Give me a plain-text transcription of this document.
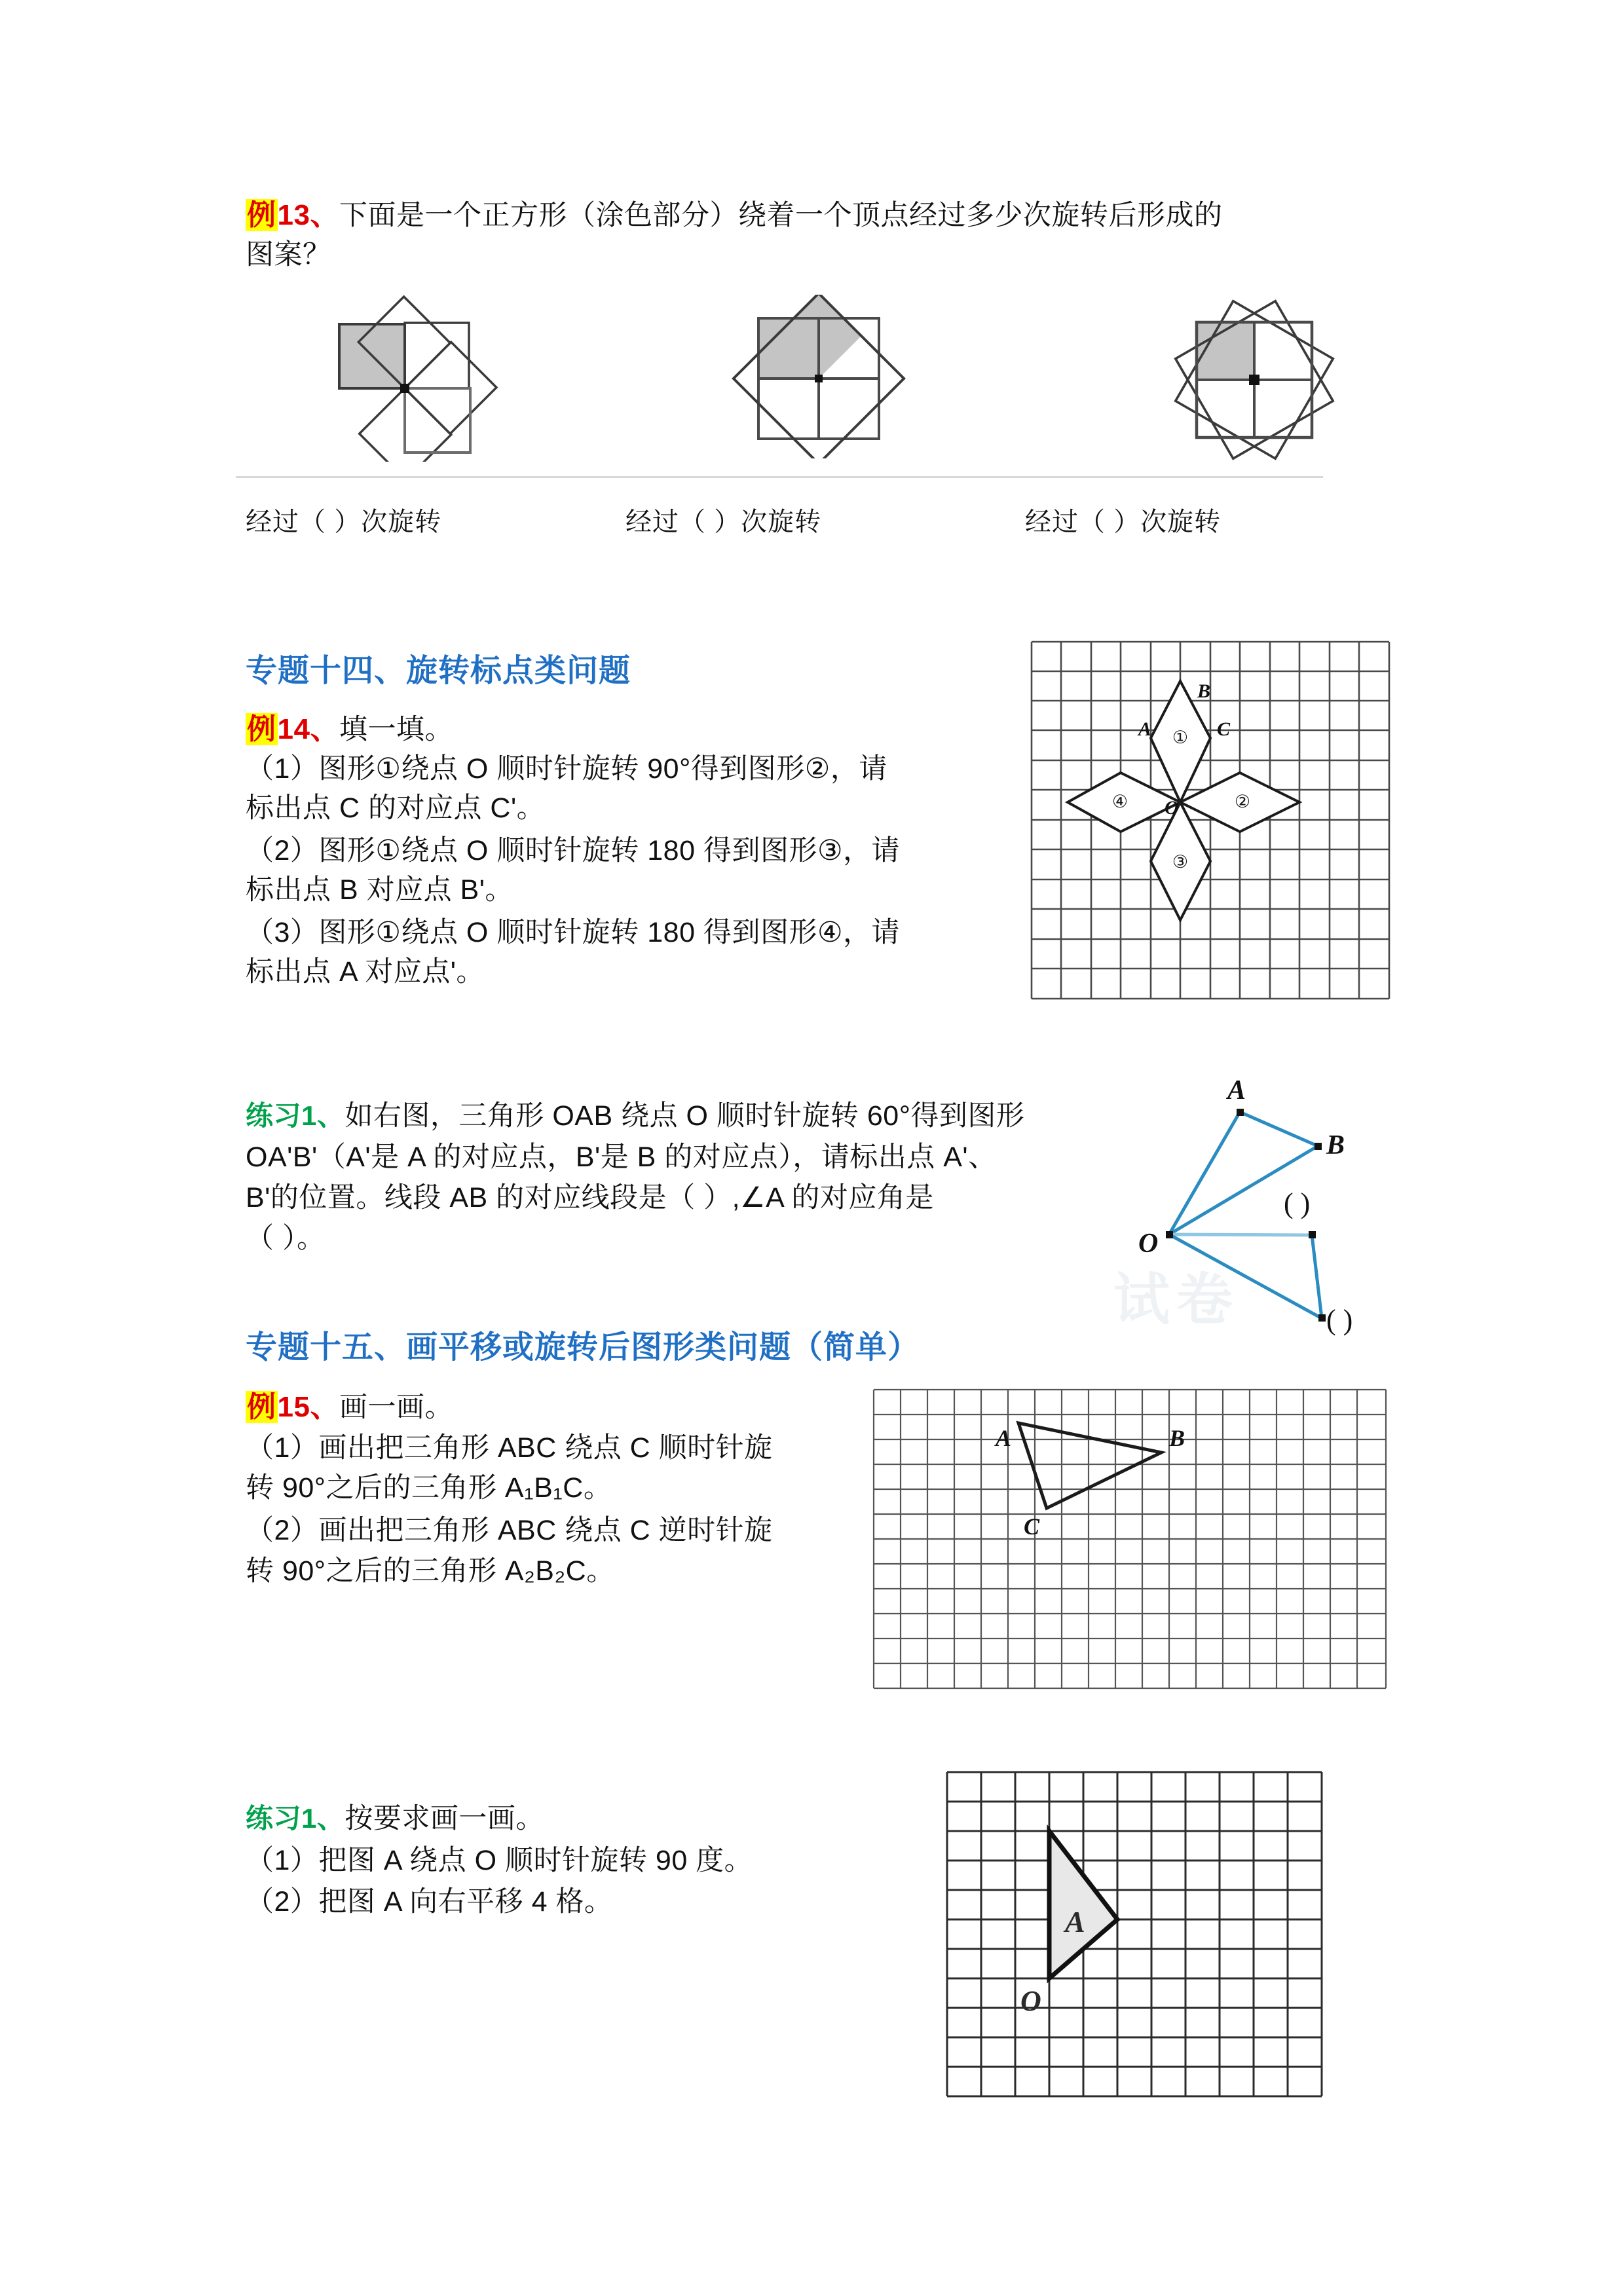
例13、下面是一个正方形（涂色部分）绕着一个顶点经过多少次旋转后形成的
图案？
经过（ ）次旋转	经过（ ）次旋转	经过（ ）次旋转
专题十四、旋转标点类问题
例14、填一填。
（1）图形①绕点 O 顺时针旋转 90°得到图形②，请
标出点 C 的对应点 C'。
（2）图形①绕点 O 顺时针旋转 180 得到图形③，请
标出点 B 对应点 B'。
（3）图形①绕点 O 顺时针旋转 180 得到图形④，请
标出点 A 对应点'。
①
②
③
④
A
B
C
O
练习1、如右图，三角形 OAB 绕点 O 顺时针旋转 60°得到图形
OA'B'（A'是 A 的对应点，B'是 B 的对应点），请标出点 A'、
B'的位置。线段 AB 的对应线段是（ ）,∠A 的对应角是
（ ）。
试卷
A
B
O
( )
( )
专题十五、画平移或旋转后图形类问题（简单）
例15、画一画。
（1）画出把三角形 ABC 绕点 C 顺时针旋
转 90°之后的三角形 A₁B₁C。
（2）画出把三角形 ABC 绕点 C 逆时针旋
转 90°之后的三角形 A₂B₂C。
A	B
C
练习1、按要求画一画。
（1）把图 A 绕点 O 顺时针旋转 90 度。
（2）把图 A 向右平移 4 格。
A
O
